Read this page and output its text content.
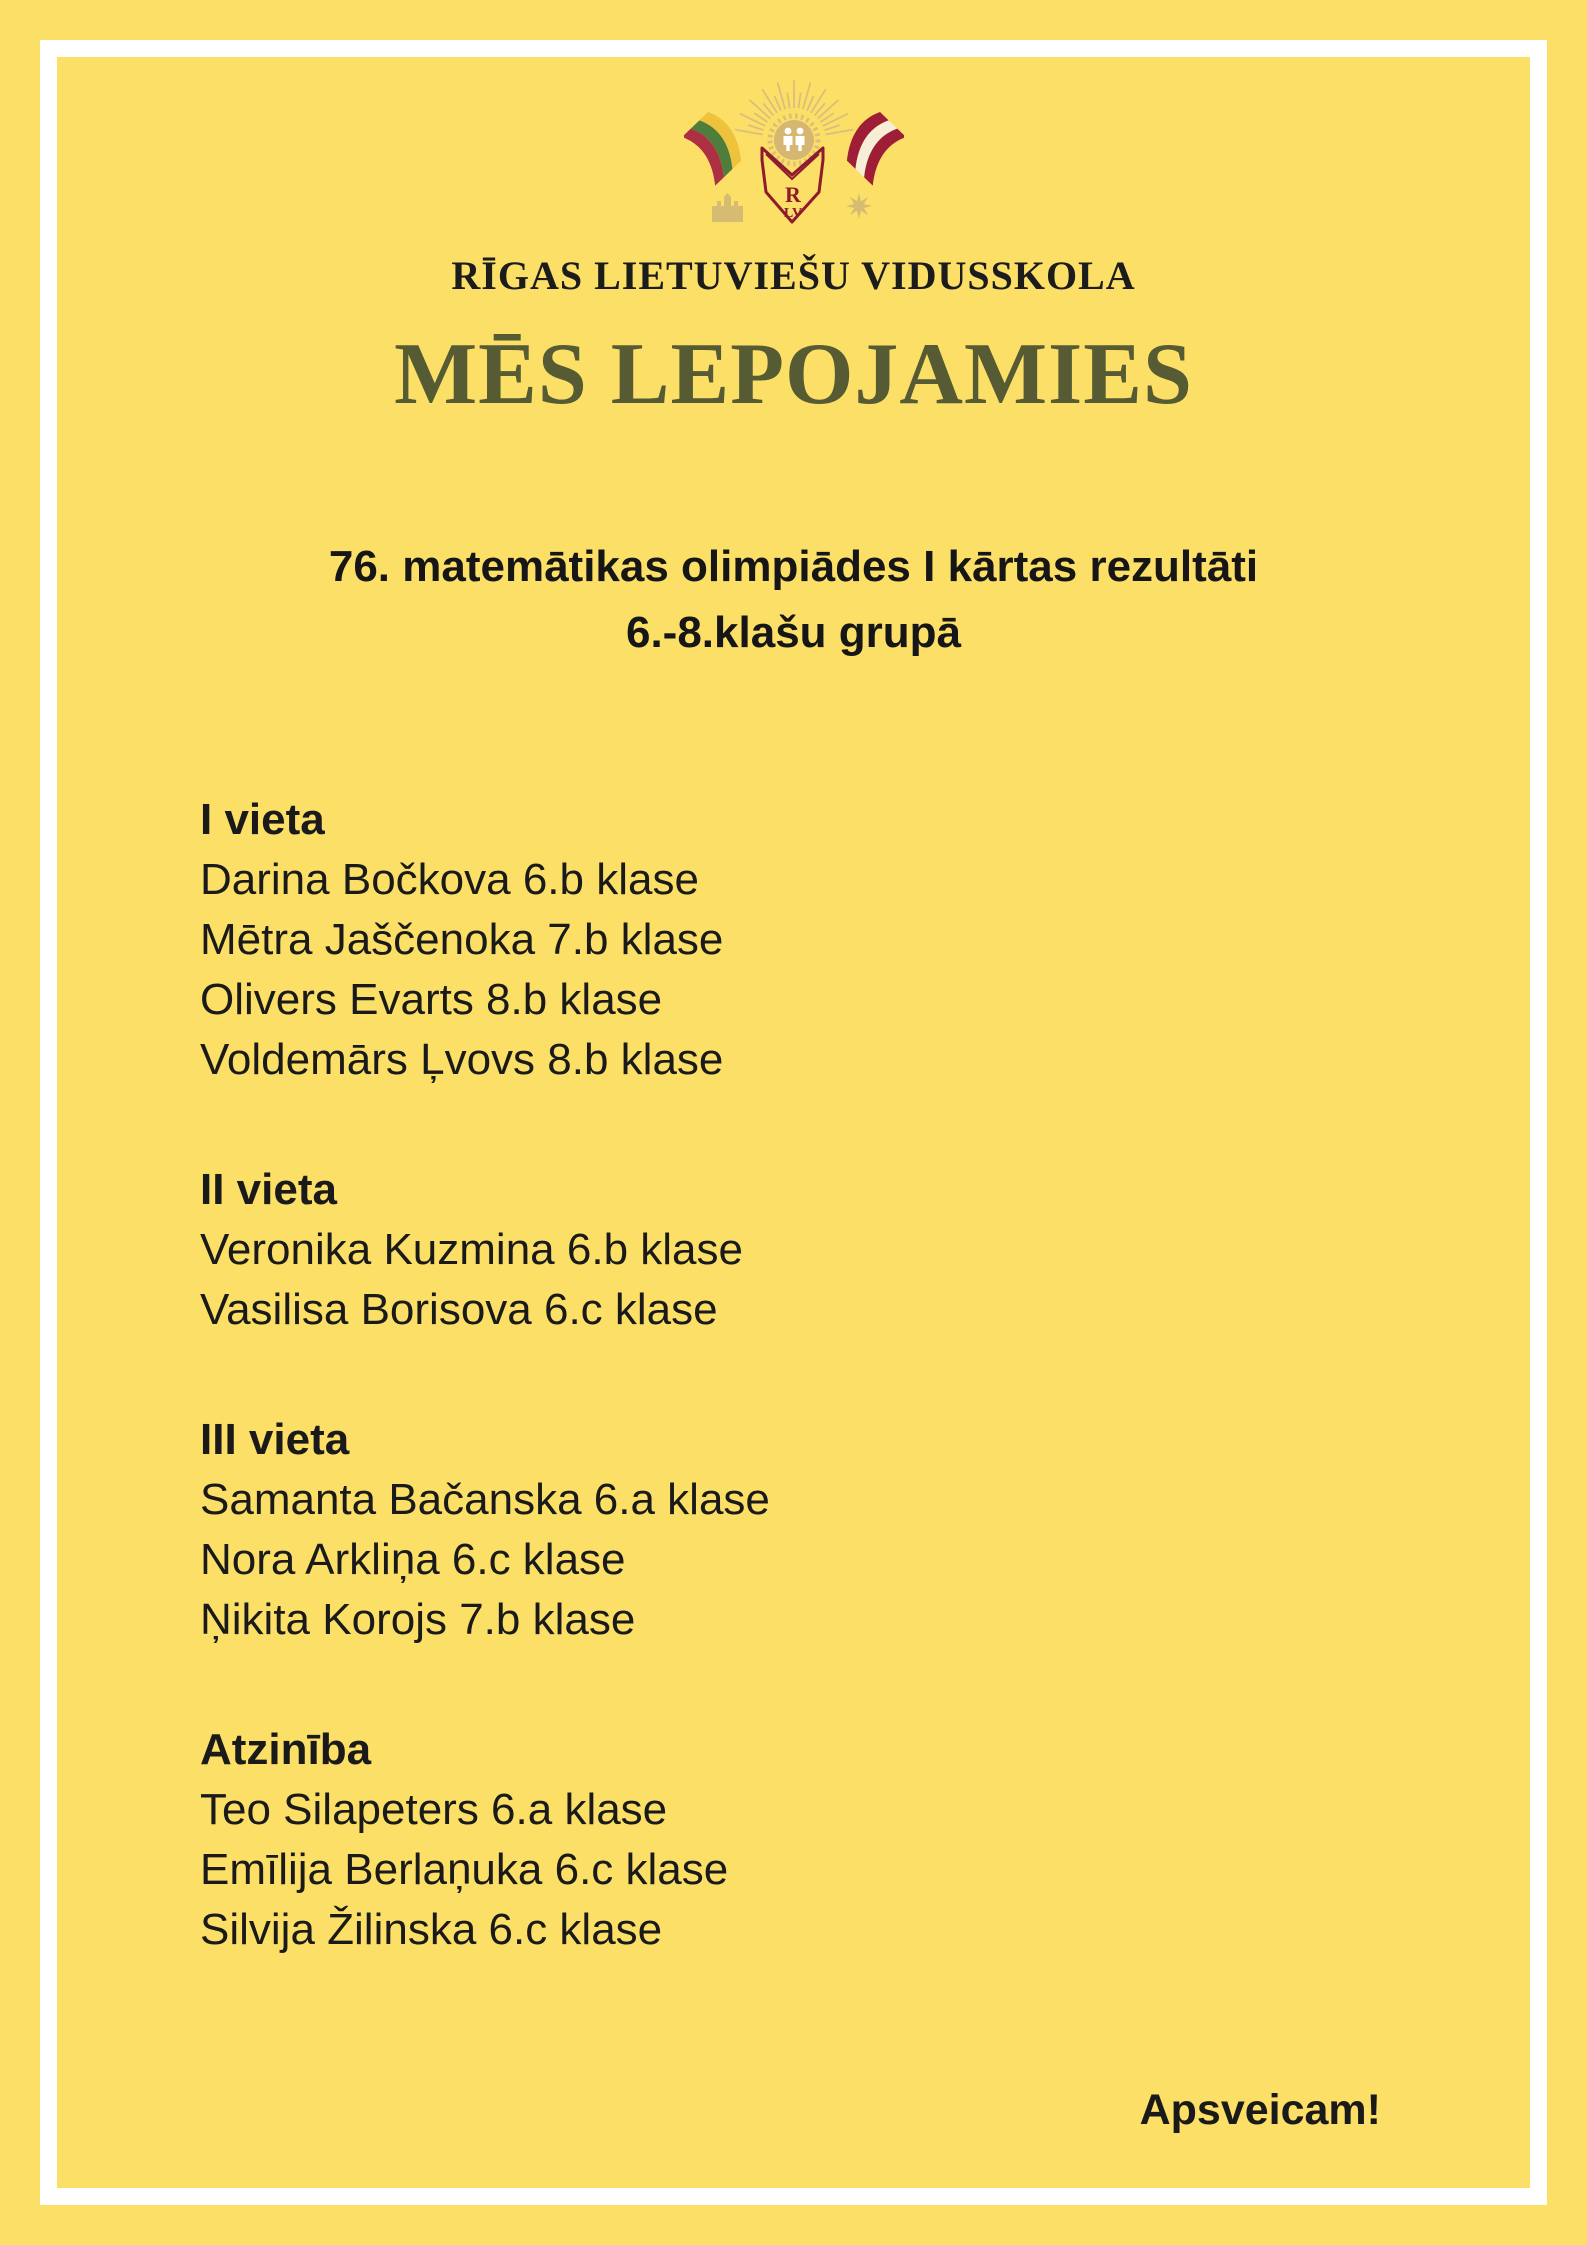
R
LV
RĪGAS LIETUVIEŠU VIDUSSKOLA
MĒS LEPOJAMIES
76. matemātikas olimpiādes I kārtas rezultāti
6.-8.klašu grupā
I vieta
Darina Bočkova 6.b klase
Mētra Jaščenoka 7.b klase
Olivers Evarts 8.b klase
Voldemārs Ļvovs 8.b klase
II vieta
Veronika Kuzmina 6.b klase
Vasilisa Borisova 6.c klase
III vieta
Samanta Bačanska 6.a klase
Nora Arkliņa 6.c klase
Ņikita Korojs 7.b klase
Atzinība
Teo Silapeters 6.a klase
Emīlija Berlaņuka 6.c klase
Silvija Žilinska 6.c klase
Apsveicam!
